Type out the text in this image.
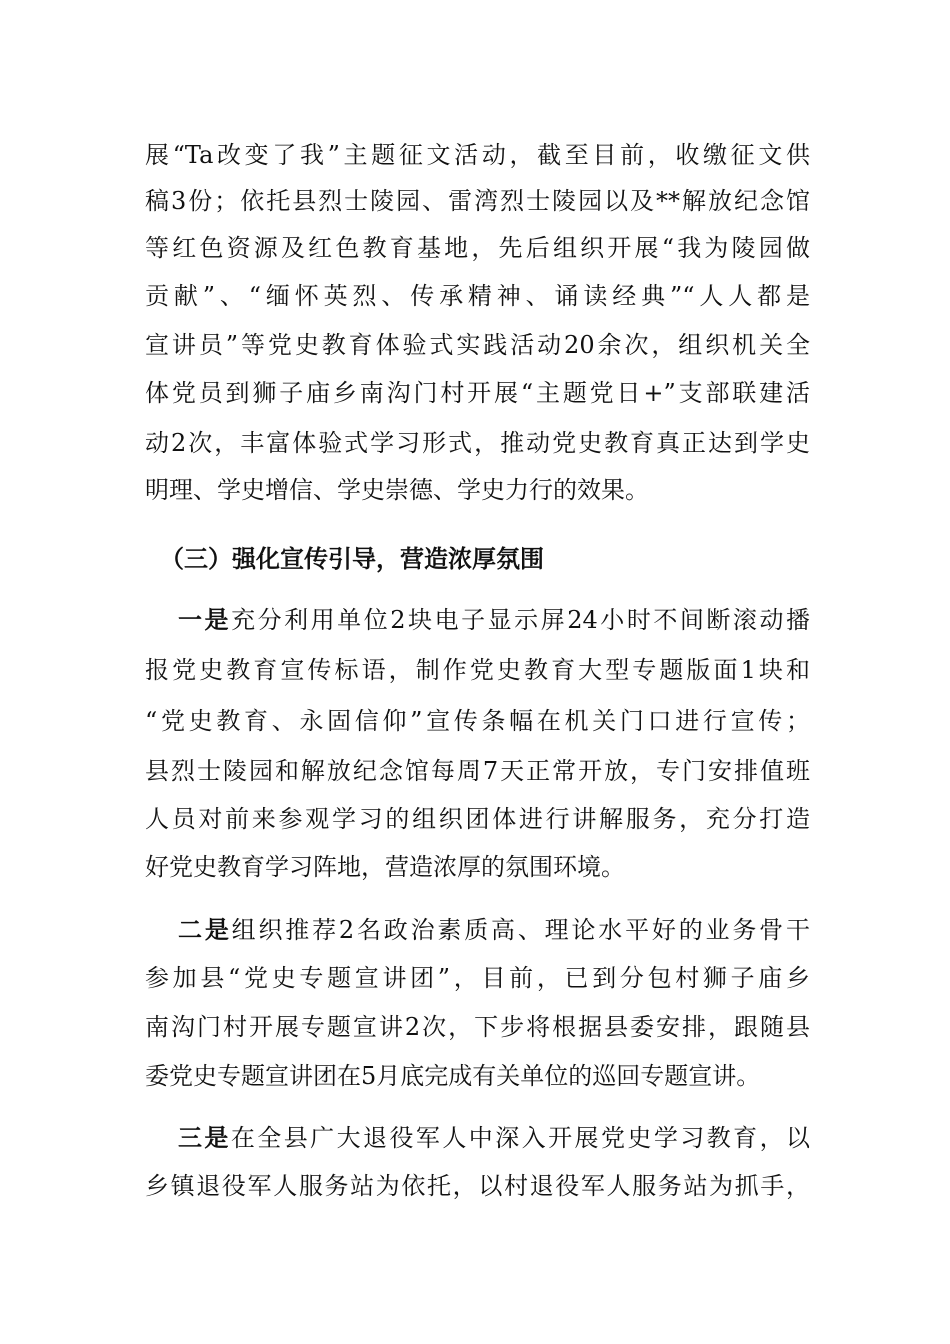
展“Ta改变了我”主题征文活动，截至目前，收缴征文供
稿3份；依托县烈士陵园、雷湾烈士陵园以及**解放纪念馆
等红色资源及红色教育基地，先后组织开展“我为陵园做
贡献”、“缅怀英烈、传承精神、诵读经典”“人人都是
宣讲员”等党史教育体验式实践活动20余次，组织机关全
体党员到狮子庙乡南沟门村开展“主题党日+”支部联建活
动2次，丰富体验式学习形式，推动党史教育真正达到学史
明理、学史增信、学史崇德、学史力行的效果。
（三）强化宣传引导，营造浓厚氛围
一是充分利用单位2块电子显示屏24小时不间断滚动播
报党史教育宣传标语，制作党史教育大型专题版面1块和
“党史教育、永固信仰”宣传条幅在机关门口进行宣传；
县烈士陵园和解放纪念馆每周7天正常开放，专门安排值班
人员对前来参观学习的组织团体进行讲解服务，充分打造
好党史教育学习阵地，营造浓厚的氛围环境。
二是组织推荐2名政治素质高、理论水平好的业务骨干
参加县“党史专题宣讲团”，目前，已到分包村狮子庙乡
南沟门村开展专题宣讲2次，下步将根据县委安排，跟随县
委党史专题宣讲团在5月底完成有关单位的巡回专题宣讲。
三是在全县广大退役军人中深入开展党史学习教育，以
乡镇退役军人服务站为依托，以村退役军人服务站为抓手，
